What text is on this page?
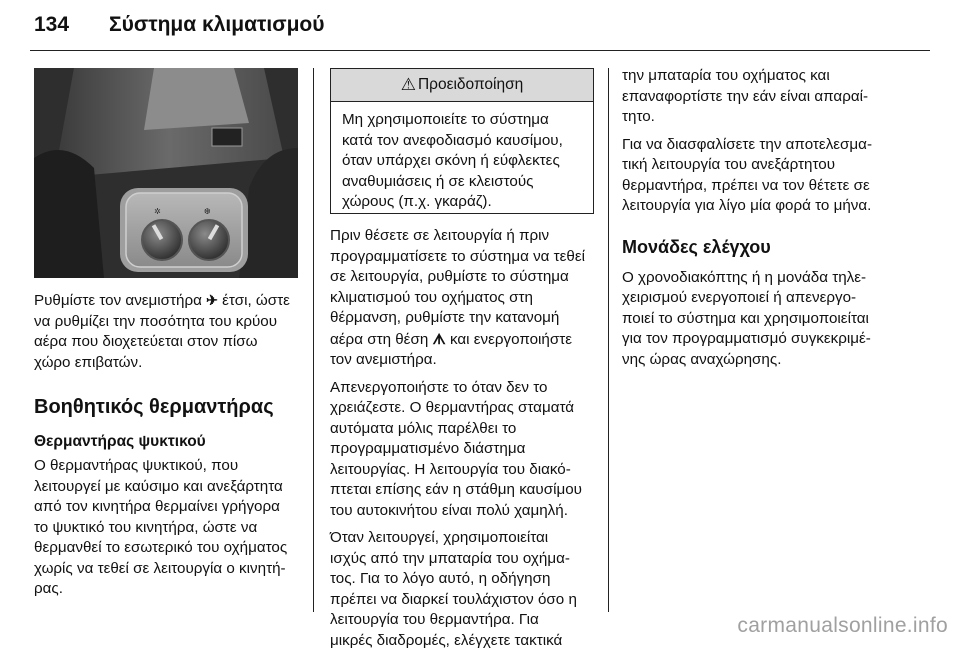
134 Σύστημα κλιματισμού
✲	❆

Ρυθμίστε τον ανεμιστήρα ✈ έτσι, ώστε
να ρυθμίζει την ποσότητα του κρύου
αέρα που διοχετεύεται στον πίσω
χώρο επιβατών.

Βοηθητικός θερμαντήρας
Θερμαντήρας ψυκτικού

Ο θερμαντήρας ψυκτικού, που
λειτουργεί με καύσιμο και ανεξάρτητα
από τον κινητήρα θερμαίνει γρήγορα
το ψυκτικό του κινητήρα, ώστε να
θερμανθεί το εσωτερικό του οχήματος
χωρίς να τεθεί σε λειτουργία ο κινητή-
ρας.

⚠ Προειδοποίηση
Μη χρησιμοποιείτε το σύστημα
κατά τον ανεφοδιασμό καυσίμου,
όταν υπάρχει σκόνη ή εύφλεκτες
αναθυμιάσεις ή σε κλειστούς
χώρους (π.χ. γκαράζ).

Πριν θέσετε σε λειτουργία ή πριν
προγραμματίσετε το σύστημα να τεθεί
σε λειτουργία, ρυθμίστε το σύστημα
κλιματισμού του οχήματος στη
θέρμανση, ρυθμίστε την κατανομή
αέρα στη θέση ᗑ και ενεργοποιήστε
τον ανεμιστήρα.

Απενεργοποιήστε το όταν δεν το
χρειάζεστε. Ο θερμαντήρας σταματά
αυτόματα μόλις παρέλθει το
προγραμματισμένο διάστημα
λειτουργίας. Η λειτουργία του διακό-
πτεται επίσης εάν η στάθμη καυσίμου
του αυτοκινήτου είναι πολύ χαμηλή.

Όταν λειτουργεί, χρησιμοποιείται
ισχύς από την μπαταρία του οχήμα-
τος. Για το λόγο αυτό, η οδήγηση
πρέπει να διαρκεί τουλάχιστον όσο η
λειτουργία του θερμαντήρα. Για
μικρές διαδρομές, ελέγχετε τακτικά

την μπαταρία του οχήματος και
επαναφορτίστε την εάν είναι απαραί-
τητο.

Για να διασφαλίσετε την αποτελεσμα-
τική λειτουργία του ανεξάρτητου
θερμαντήρα, πρέπει να τον θέτετε σε
λειτουργία για λίγο μία φορά το μήνα.

Μονάδες ελέγχου

Ο χρονοδιακόπτης ή η μονάδα τηλε-
χειρισμού ενεργοποιεί ή απενεργο-
ποιεί το σύστημα και χρησιμοποιείται
για τον προγραμματισμό συγκεκριμέ-
νης ώρας αναχώρησης.

carmanualsonline.info
